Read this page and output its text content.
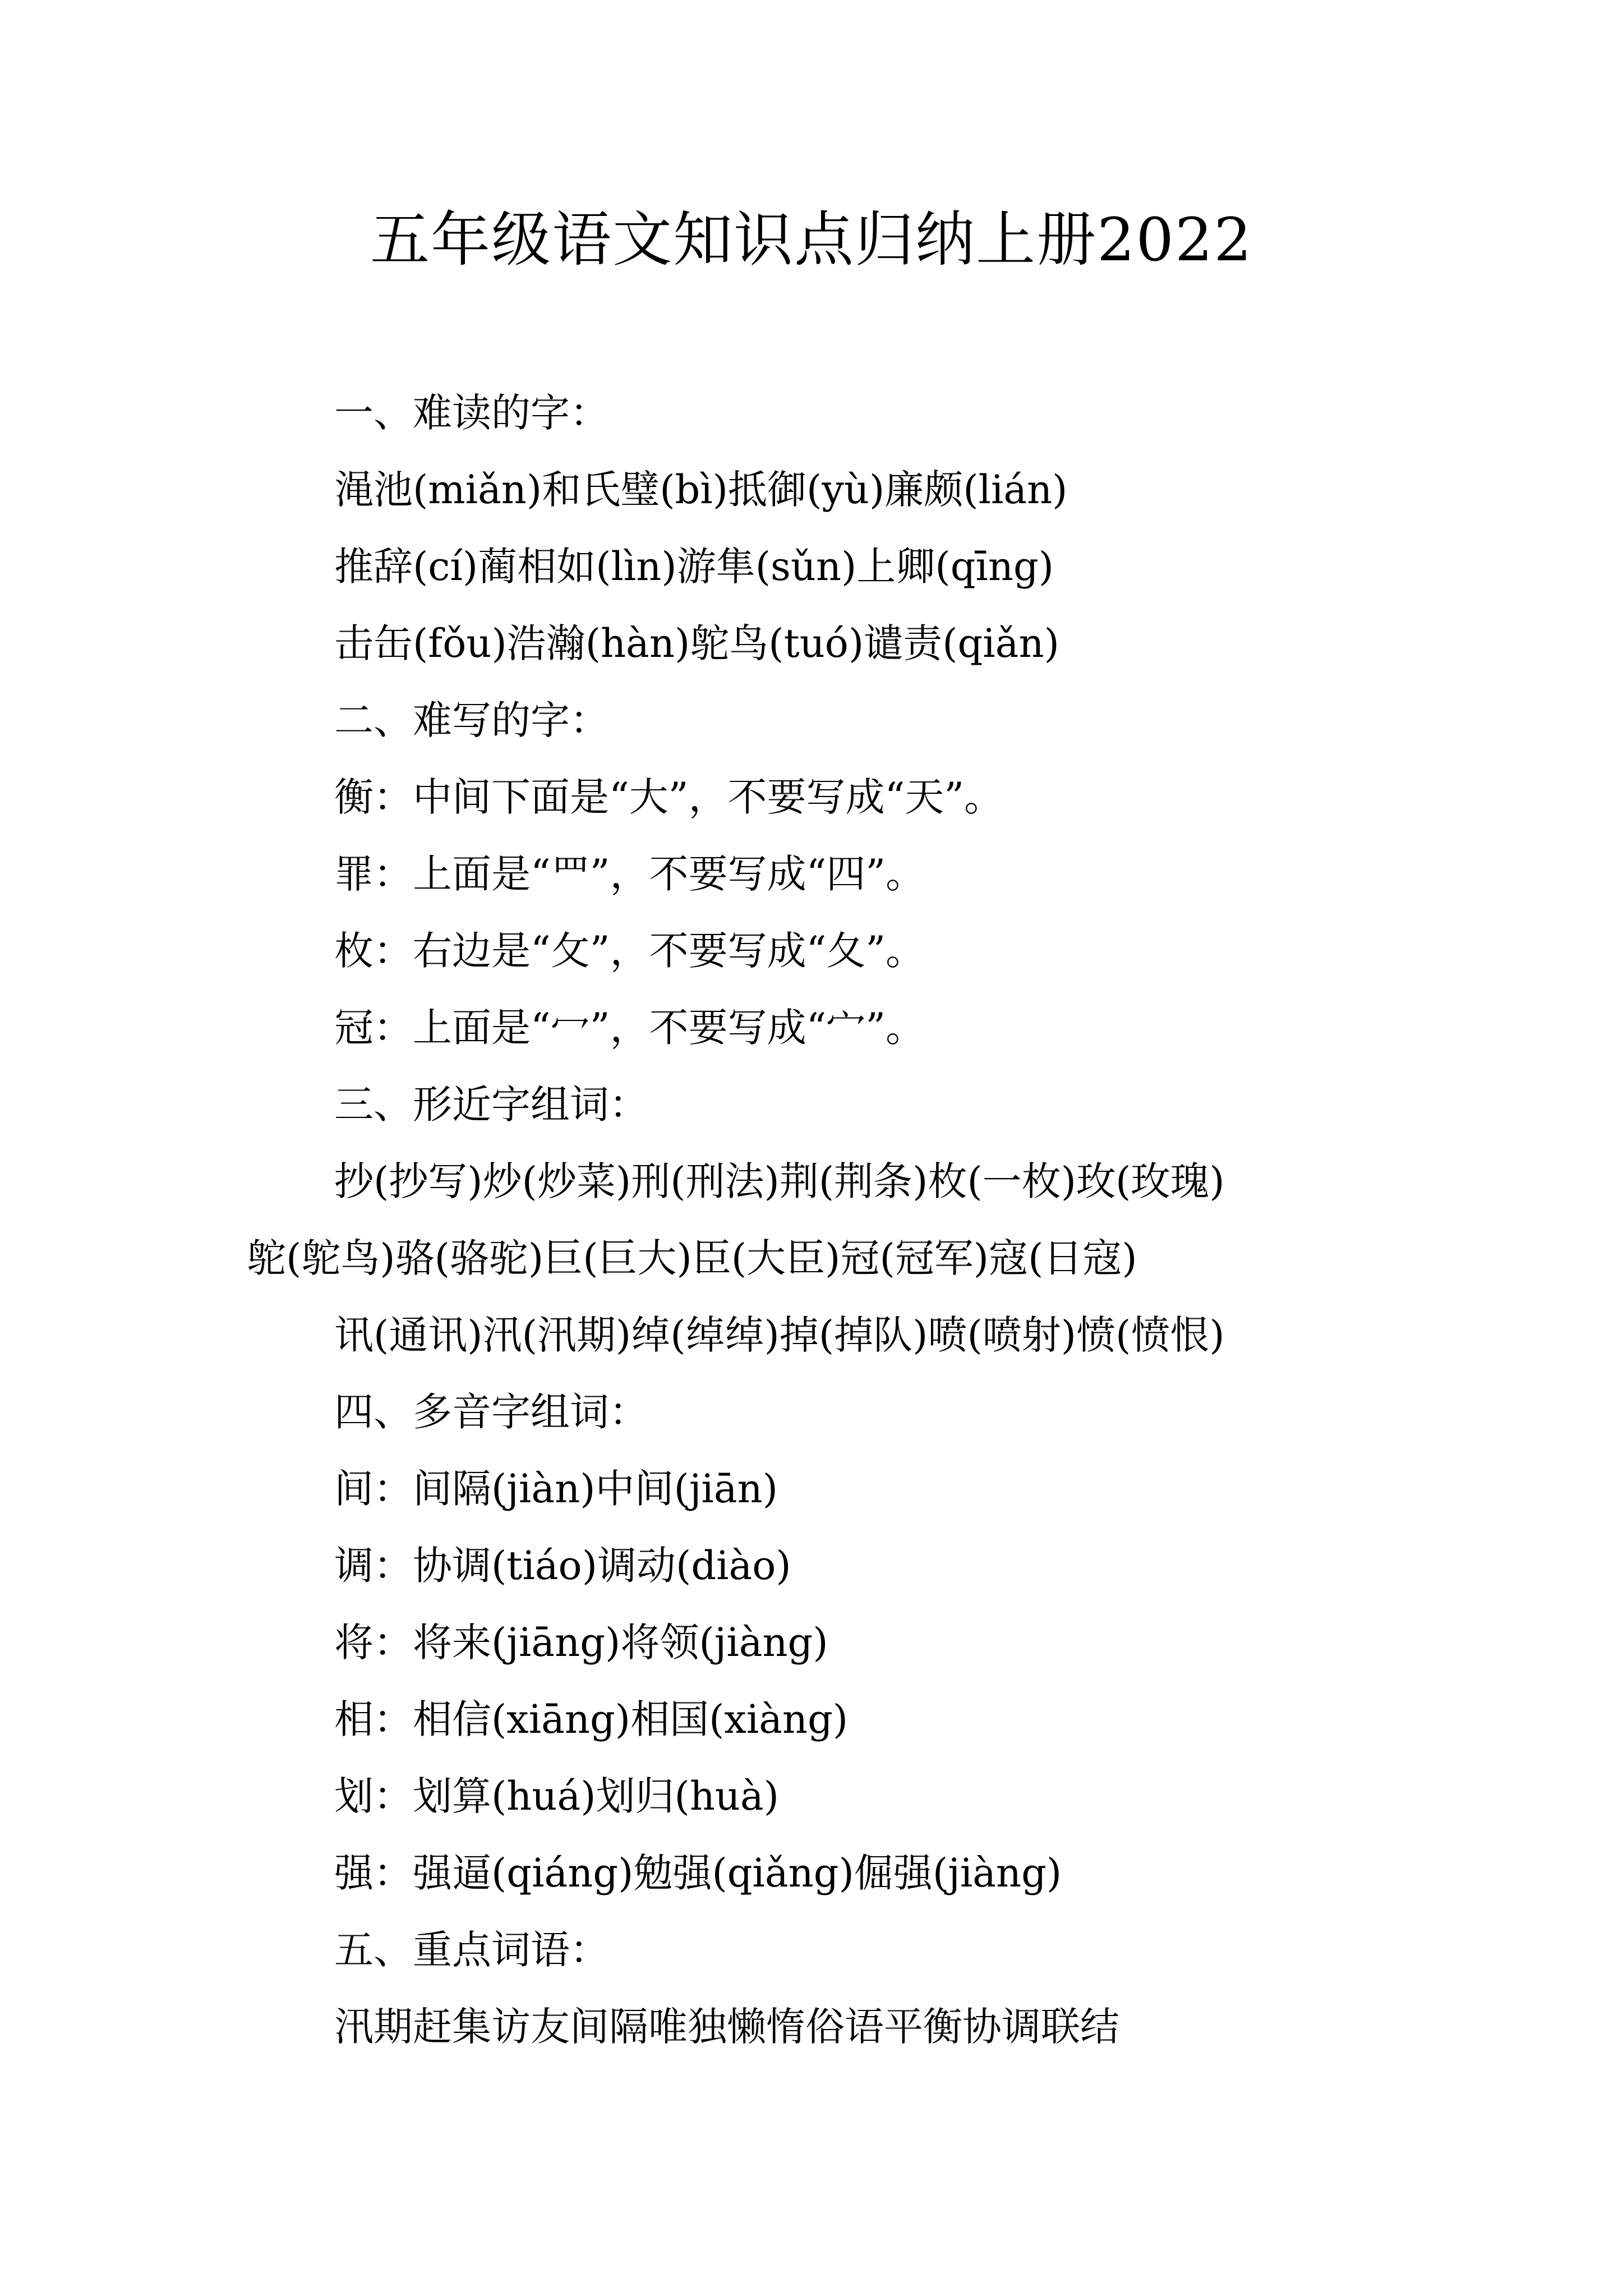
五年级语文知识点归纳上册2022
一、难读的字：
渑池(miǎn)和氏璧(bì)抵御(yù)廉颇(lián)
推辞(cí)蔺相如(lìn)游隼(sǔn)上卿(qīng)
击缶(fǒu)浩瀚(hàn)鸵鸟(tuó)谴责(qiǎn)
二、难写的字：
衡：中间下面是“大”，不要写成“天”。
罪：上面是“罒”，不要写成“四”。
枚：右边是“攵”，不要写成“夂”。
冠：上面是“冖”，不要写成“宀”。
三、形近字组词：
抄(抄写)炒(炒菜)刑(刑法)荆(荆条)枚(一枚)玫(玫瑰)
鸵(鸵鸟)骆(骆驼)巨(巨大)臣(大臣)冠(冠军)寇(日寇)
讯(通讯)汛(汛期)绰(绰绰)掉(掉队)喷(喷射)愤(愤恨)
四、多音字组词：
间：间隔(jiàn)中间(jiān)
调：协调(tiáo)调动(diào)
将：将来(jiāng)将领(jiàng)
相：相信(xiāng)相国(xiàng)
划：划算(huá)划归(huà)
强：强逼(qiáng)勉强(qiǎng)倔强(jiàng)
五、重点词语：
汛期赶集访友间隔唯独懒惰俗语平衡协调联结
